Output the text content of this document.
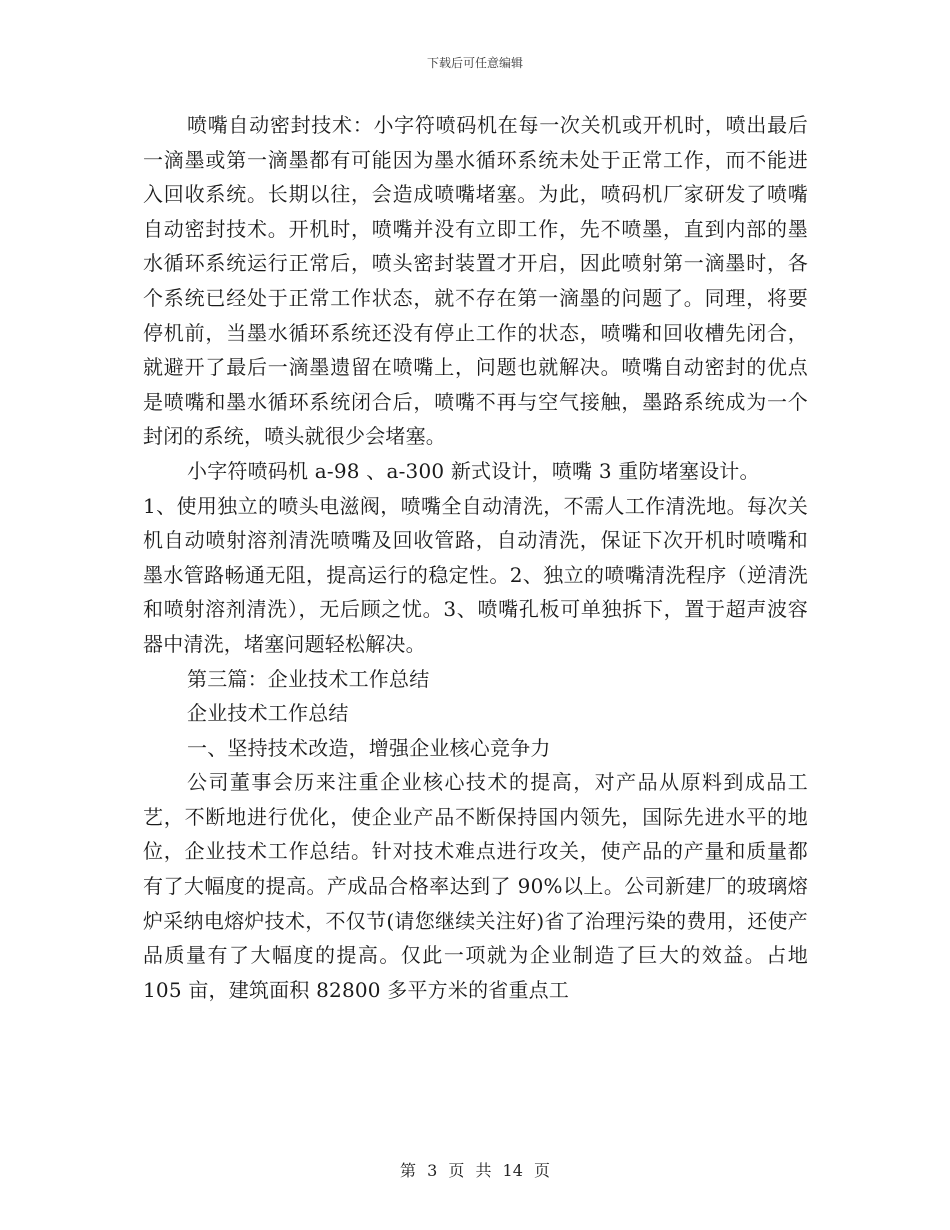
下载后可任意编辑

喷嘴自动密封技术：小字符喷码机在每一次关机或开机时，喷出最后一滴墨或第一滴墨都有可能因为墨水循环系统未处于正常工作，而不能进入回收系统。长期以往，会造成喷嘴堵塞。为此，喷码机厂家研发了喷嘴自动密封技术。开机时，喷嘴并没有立即工作，先不喷墨，直到内部的墨水循环系统运行正常后，喷头密封装置才开启，因此喷射第一滴墨时，各个系统已经处于正常工作状态，就不存在第一滴墨的问题了。同理，将要停机前，当墨水循环系统还没有停止工作的状态，喷嘴和回收槽先闭合，就避开了最后一滴墨遗留在喷嘴上，问题也就解决。喷嘴自动密封的优点是喷嘴和墨水循环系统闭合后，喷嘴不再与空气接触，墨路系统成为一个封闭的系统，喷头就很少会堵塞。

小字符喷码机 a-98 、a-300 新式设计，喷嘴 3 重防堵塞设计。

1、使用独立的喷头电滋阀，喷嘴全自动清洗，不需人工作清洗地。每次关机自动喷射溶剂清洗喷嘴及回收管路，自动清洗，保证下次开机时喷嘴和墨水管路畅通无阻，提高运行的稳定性。2、独立的喷嘴清洗程序（逆清洗和喷射溶剂清洗），无后顾之忧。3、喷嘴孔板可单独拆下，置于超声波容器中清洗，堵塞问题轻松解决。

第三篇：企业技术工作总结

企业技术工作总结

一、坚持技术改造，增强企业核心竞争力

公司董事会历来注重企业核心技术的提高，对产品从原料到成品工艺，不断地进行优化，使企业产品不断保持国内领先，国际先进水平的地位，企业技术工作总结。针对技术难点进行攻关，使产品的产量和质量都有了大幅度的提高。产成品合格率达到了 90%以上。公司新建厂的玻璃熔炉采纳电熔炉技术，不仅节(请您继续关注好)省了治理污染的费用，还使产品质量有了大幅度的提高。仅此一项就为企业制造了巨大的效益。占地 105 亩，建筑面积 82800 多平方米的省重点工

第 3 页 共 14 页
